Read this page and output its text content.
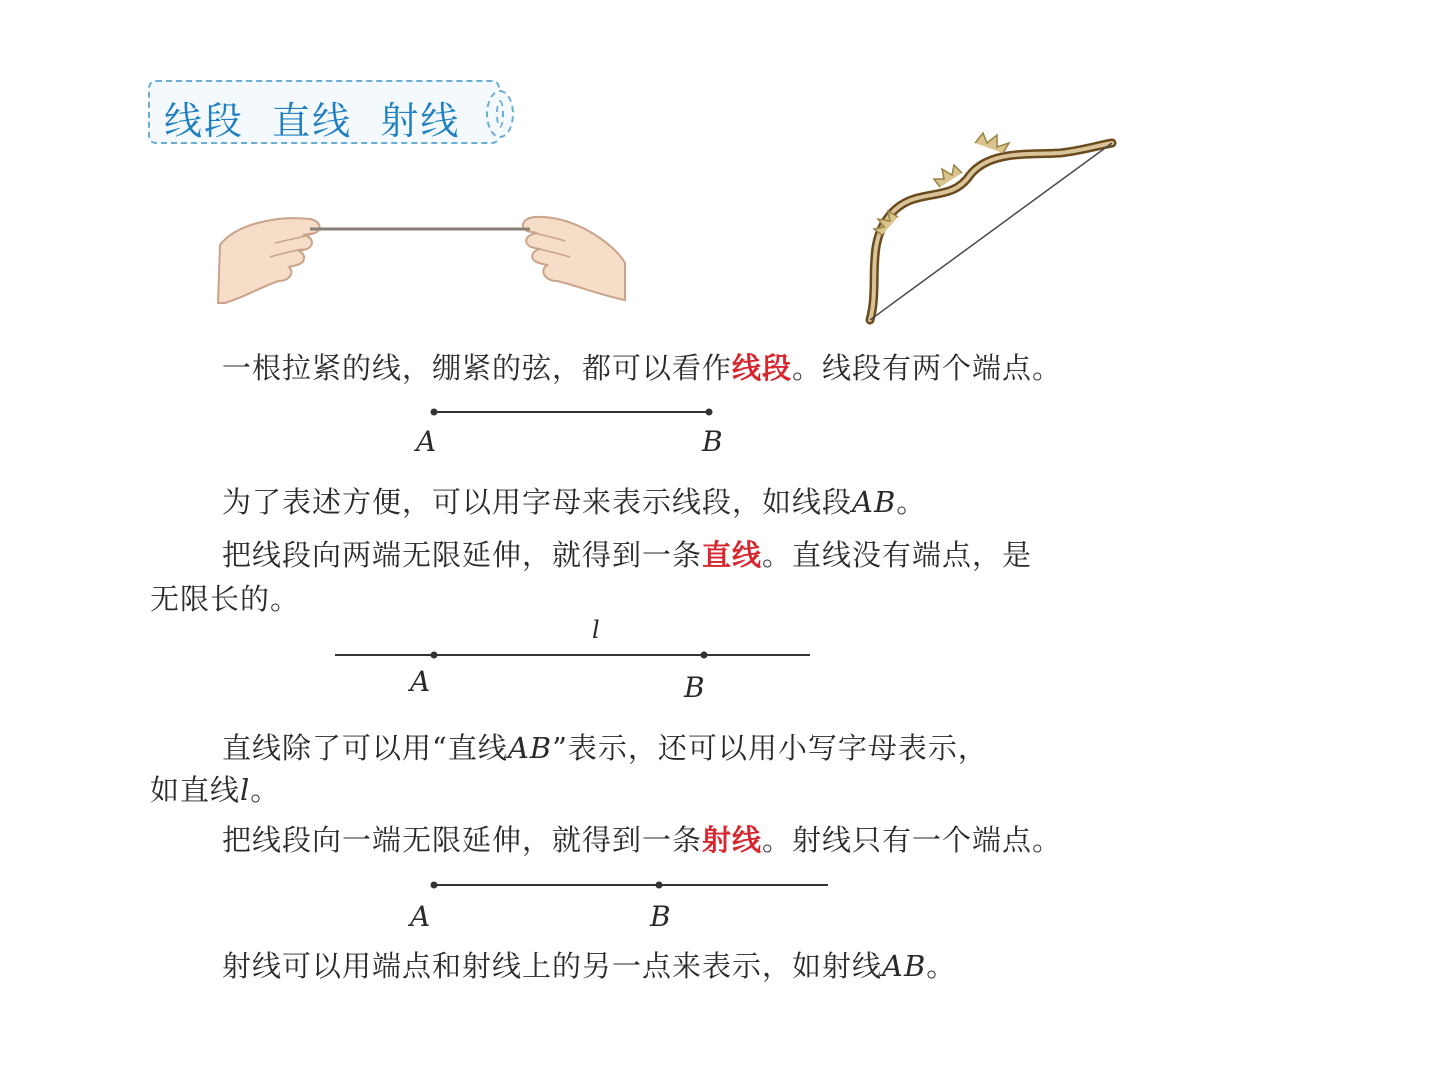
线段  直线  射线
一根拉紧的线，绷紧的弦，都可以看作线段。线段有两个端点。
A	B
为了表述方便，可以用字母来表示线段，如线段AB。
把线段向两端无限延伸，就得到一条直线。直线没有端点，是
无限长的。
l
A	B
直线除了可以用“直线AB”表示，还可以用小写字母表示，
如直线l。
把线段向一端无限延伸，就得到一条射线。射线只有一个端点。
A	B
射线可以用端点和射线上的另一点来表示，如射线AB。
